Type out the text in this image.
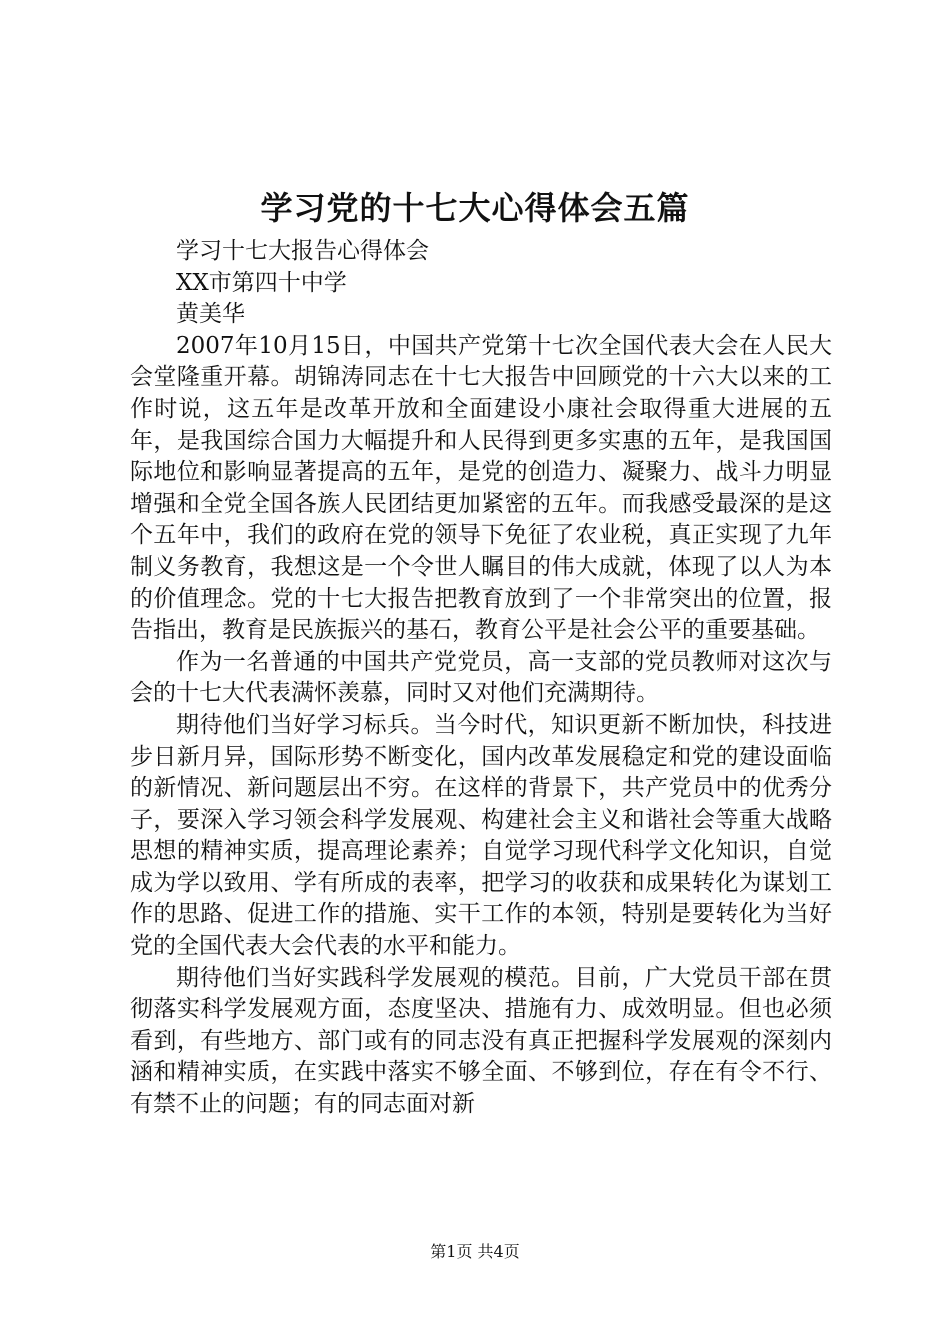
学习党的十七大心得体会五篇

学习十七大报告心得体会

XX市第四十中学

黄美华

2007年10月15日，中国共产党第十七次全国代表大会在人民大会堂隆重开幕。胡锦涛同志在十七大报告中回顾党的十六大以来的工作时说，这五年是改革开放和全面建设小康社会取得重大进展的五年，是我国综合国力大幅提升和人民得到更多实惠的五年，是我国国际地位和影响显著提高的五年，是党的创造力、凝聚力、战斗力明显增强和全党全国各族人民团结更加紧密的五年。而我感受最深的是这个五年中，我们的政府在党的领导下免征了农业税，真正实现了九年制义务教育，我想这是一个令世人瞩目的伟大成就，体现了以人为本的价值理念。党的十七大报告把教育放到了一个非常突出的位置，报告指出，教育是民族振兴的基石，教育公平是社会公平的重要基础。

作为一名普通的中国共产党党员，高一支部的党员教师对这次与会的十七大代表满怀羡慕，同时又对他们充满期待。

期待他们当好学习标兵。当今时代，知识更新不断加快，科技进步日新月异，国际形势不断变化，国内改革发展稳定和党的建设面临的新情况、新问题层出不穷。在这样的背景下，共产党员中的优秀分子，要深入学习领会科学发展观、构建社会主义和谐社会等重大战略思想的精神实质，提高理论素养；自觉学习现代科学文化知识，自觉成为学以致用、学有所成的表率，把学习的收获和成果转化为谋划工作的思路、促进工作的措施、实干工作的本领，特别是要转化为当好党的全国代表大会代表的水平和能力。

期待他们当好实践科学发展观的模范。目前，广大党员干部在贯彻落实科学发展观方面，态度坚决、措施有力、成效明显。但也必须看到，有些地方、部门或有的同志没有真正把握科学发展观的深刻内涵和精神实质，在实践中落实不够全面、不够到位，存在有令不行、有禁不止的问题；有的同志面对新

第1页 共4页
